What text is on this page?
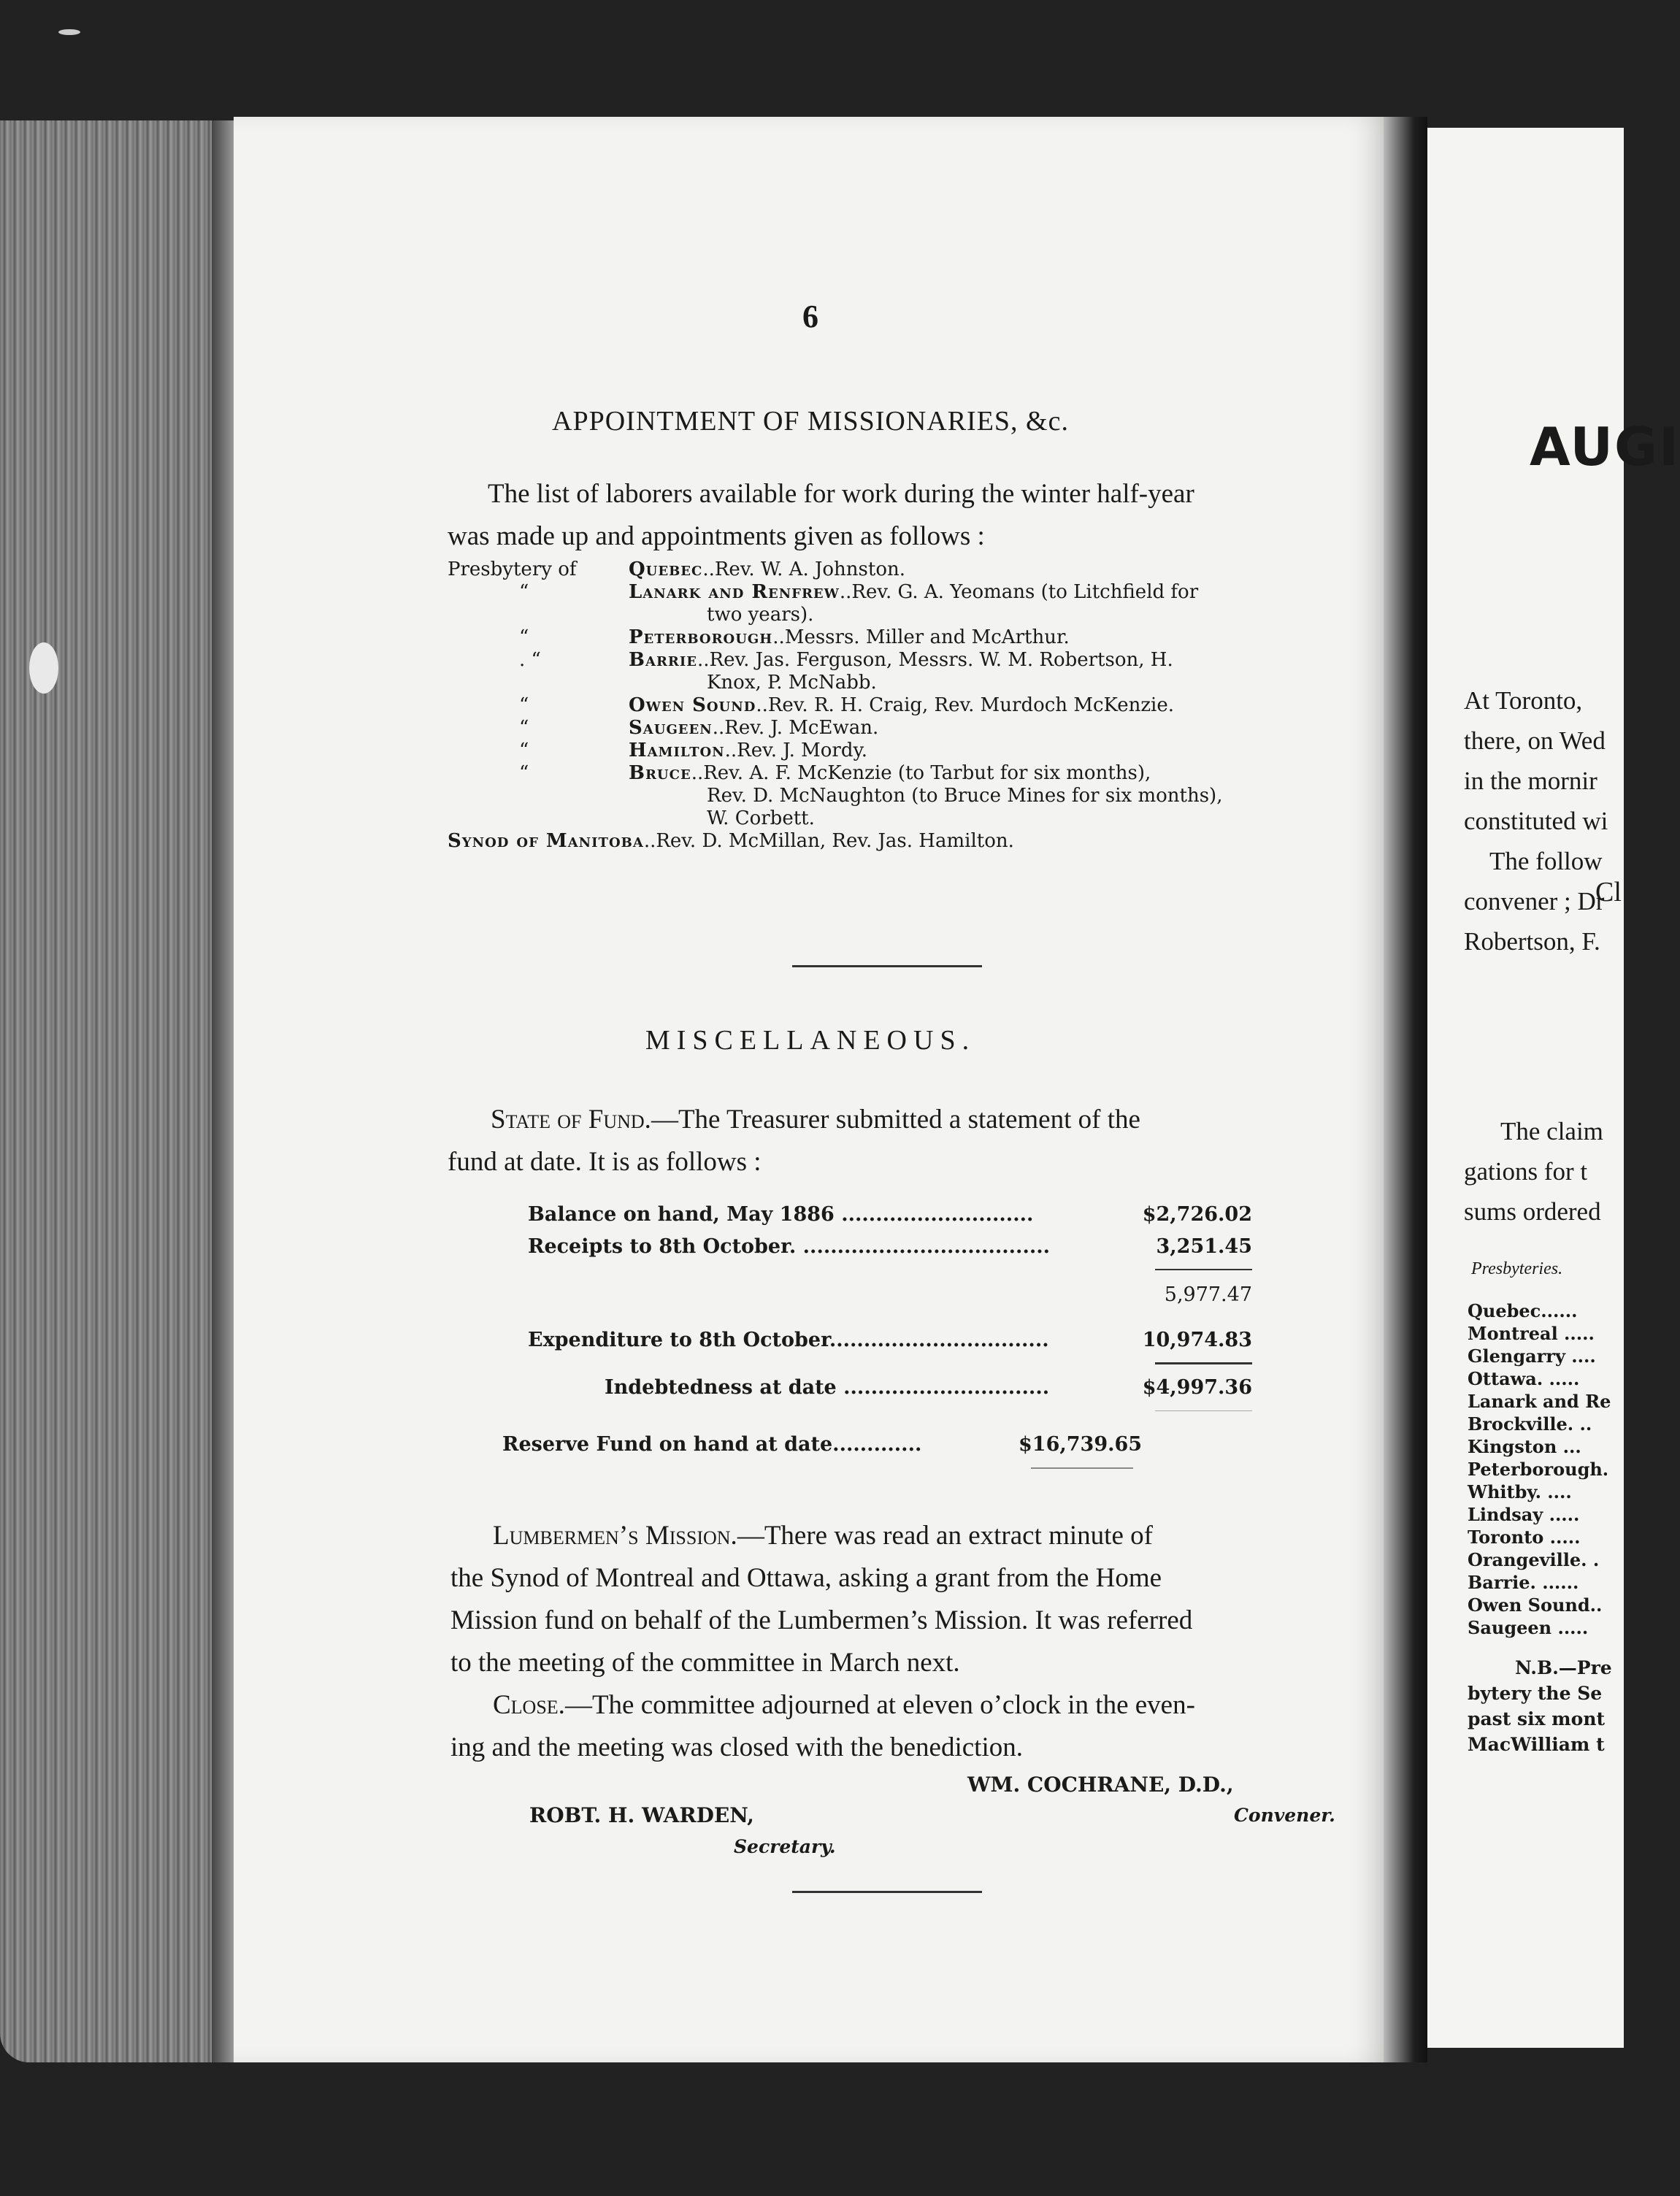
6
APPOINTMENT OF MISSIONARIES, &c.
The list of laborers available for work during the winter half-year
was made up and appointments given as follows :
Presbytery of	Quebec..Rev. W. A. Johnston.
“	Lanark and Renfrew..Rev. G. A. Yeomans (to Litchfield for
two years).
“	Peterborough..Messrs. Miller and McArthur.
. “	Barrie..Rev. Jas. Ferguson, Messrs. W. M. Robertson, H.
Knox, P. McNabb.
“	Owen Sound..Rev. R. H. Craig, Rev. Murdoch McKenzie.
“	Saugeen..Rev. J. McEwan.
“	Hamilton..Rev. J. Mordy.
“	Bruce..Rev. A. F. McKenzie (to Tarbut for six months),
Rev. D. McNaughton (to Bruce Mines for six months),
W. Corbett.
Synod of Manitoba..Rev. D. McMillan, Rev. Jas. Hamilton.
MISCELLANEOUS.
State of Fund.—The Treasurer submitted a statement of the
fund at date. It is as follows :
Balance on hand, May 1886 ............................	$2,726.02
Receipts to 8th October. ....................................	3,251.45
5,977.47
Expenditure to 8th October................................	10,974.83
Indebtedness at date ..............................	$4,997.36
Reserve Fund on hand at date.............	$16,739.65
Lumbermen’s Mission.—There was read an extract minute of
the Synod of Montreal and Ottawa, asking a grant from the Home
Mission fund on behalf of the Lumbermen’s Mission. It was referred
to the meeting of the committee in March next.
Close.—The committee adjourned at eleven o’clock in the even-
ing and the meeting was closed with the benediction.
WM. COCHRANE, D.D.,
Convener.
ROBT. H. WARDEN,
Secretary.
AUGI
At Toronto,
there, on Wed
in the mornir
constituted wi
The follow
convener ; Dr
Robertson, F.
Cl
The claim
gations for t
sums ordered
Presbyteries.
Quebec......
Montreal .....
Glengarry ....
Ottawa. .....
Lanark and Re
Brockville. ..
Kingston ...
Peterborough.
Whitby. ....
Lindsay .....
Toronto .....
Orangeville. .
Barrie. ......
Owen Sound..
Saugeen .....
N.B.—Pre
bytery the Se
past six mont
MacWilliam t
